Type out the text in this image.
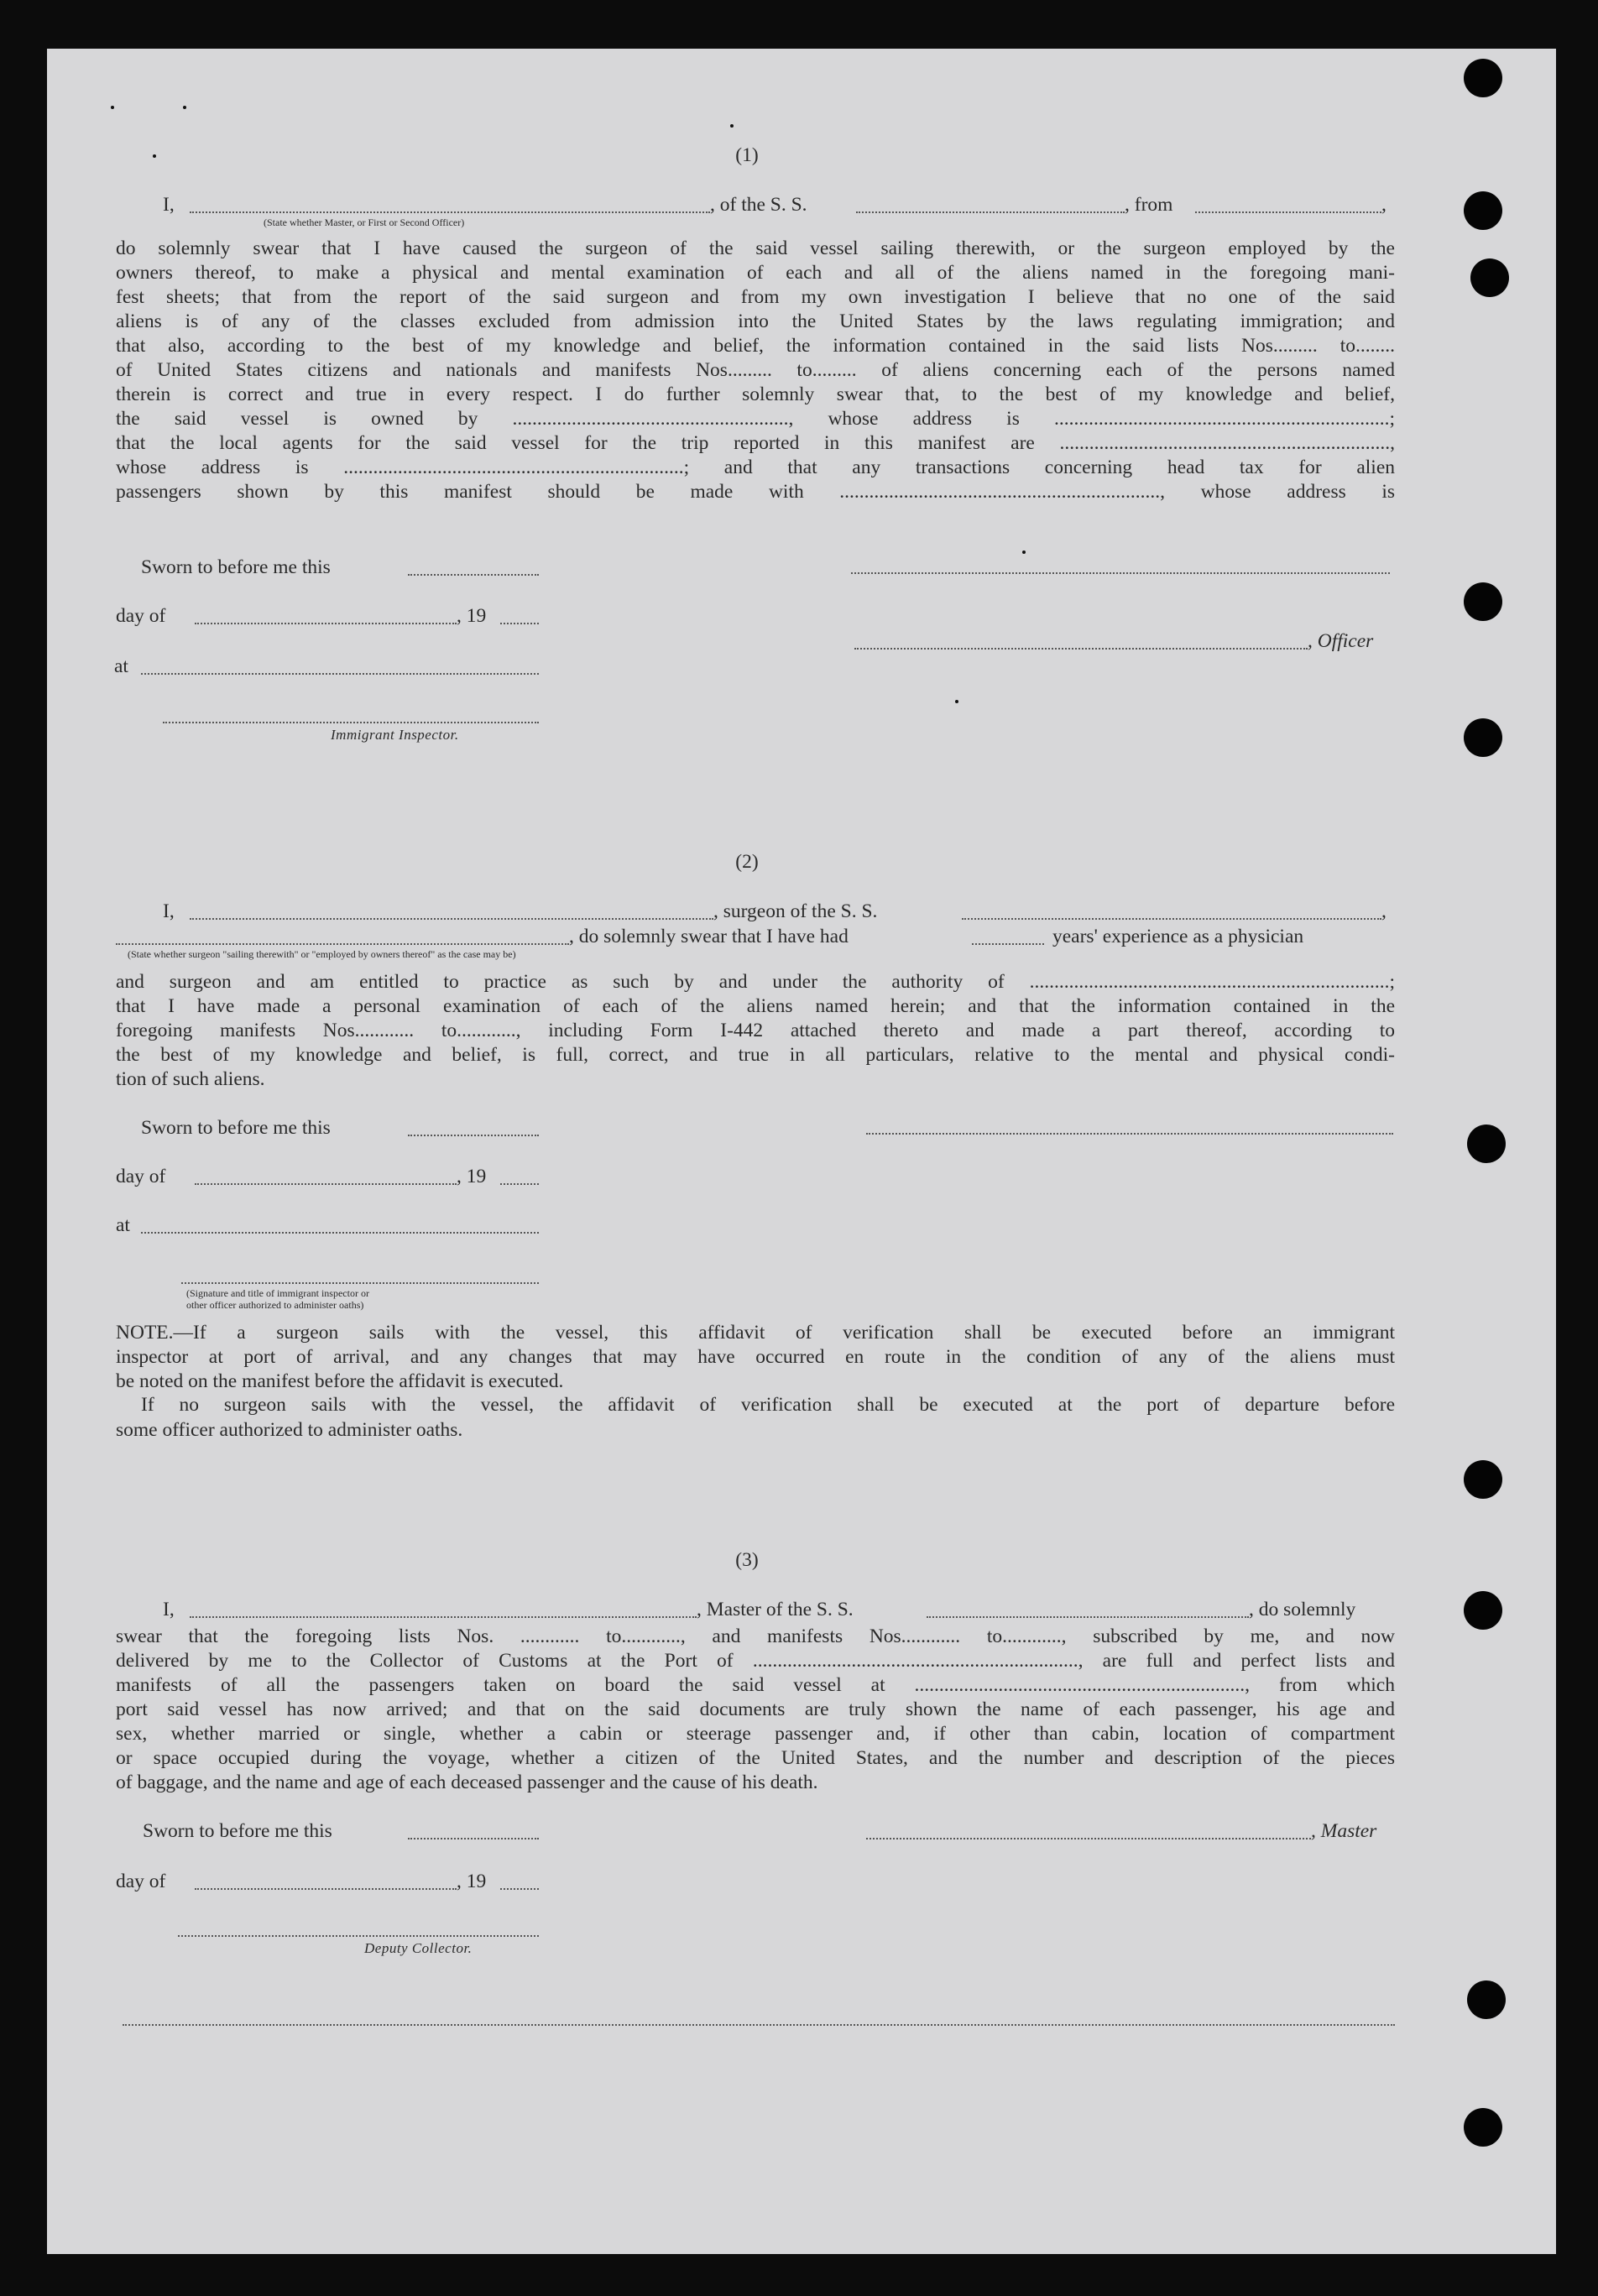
(1)
I,	, of the S. S.	, from	,
(State whether Master, or First or Second Officer)
do solemnly swear that I have caused the surgeon of the said vessel sailing therewith, or the surgeon employed by the
owners thereof, to make a physical and mental examination of each and all of the aliens named in the foregoing mani-
fest sheets; that from the report of the said surgeon and from my own investigation I believe that no one of the said
aliens is of any of the classes excluded from admission into the United States by the laws regulating immigration; and
that also, according to the best of my knowledge and belief, the information contained in the said lists Nos......... to........
of United States citizens and nationals and manifests Nos......... to......... of aliens concerning each of the persons named
therein is correct and true in every respect. I do further solemnly swear that, to the best of my knowledge and belief,
the said vessel is owned by ........................................................, whose address is ....................................................................;
that the local agents for the said vessel for the trip reported in this manifest are ...................................................................,
whose address is .....................................................................; and that any transactions concerning head tax for alien
passengers shown by this manifest should be made with ................................................................., whose address is
Sworn to before me this
day of	, 19
, Officer
at
Immigrant Inspector.
(2)
I,	, surgeon of the S. S.	,
, do solemnly swear that I have had	years' experience as a physician
(State whether surgeon "sailing therewith" or "employed by owners thereof" as the case may be)
and surgeon and am entitled to practice as such by and under the authority of .........................................................................;
that I have made a personal examination of each of the aliens named herein; and that the information contained in the
foregoing manifests Nos............ to............, including Form I-442 attached thereto and made a part thereof, according to
the best of my knowledge and belief, is full, correct, and true in all particulars, relative to the mental and physical condi-
tion of such aliens.
Sworn to before me this
day of	, 19
at
(Signature and title of immigrant inspector or
other officer authorized to administer oaths)
NOTE.—If a surgeon sails with the vessel, this affidavit of verification shall be executed before an immigrant
inspector at port of arrival, and any changes that may have occurred en route in the condition of any of the aliens must
be noted on the manifest before the affidavit is executed.
If no surgeon sails with the vessel, the affidavit of verification shall be executed at the port of departure before
some officer authorized to administer oaths.
(3)
I,	, Master of the S. S.	, do solemnly
swear that the foregoing lists Nos. ............ to............, and manifests Nos............ to............, subscribed by me, and now
delivered by me to the Collector of Customs at the Port of .................................................................., are full and perfect lists and
manifests of all the passengers taken on board the said vessel at ..................................................................., from which
port said vessel has now arrived; and that on the said documents are truly shown the name of each passenger, his age and
sex, whether married or single, whether a cabin or steerage passenger and, if other than cabin, location of compartment
or space occupied during the voyage, whether a citizen of the United States, and the number and description of the pieces
of baggage, and the name and age of each deceased passenger and the cause of his death.
Sworn to before me this	, Master
day of	, 19
Deputy Collector.
